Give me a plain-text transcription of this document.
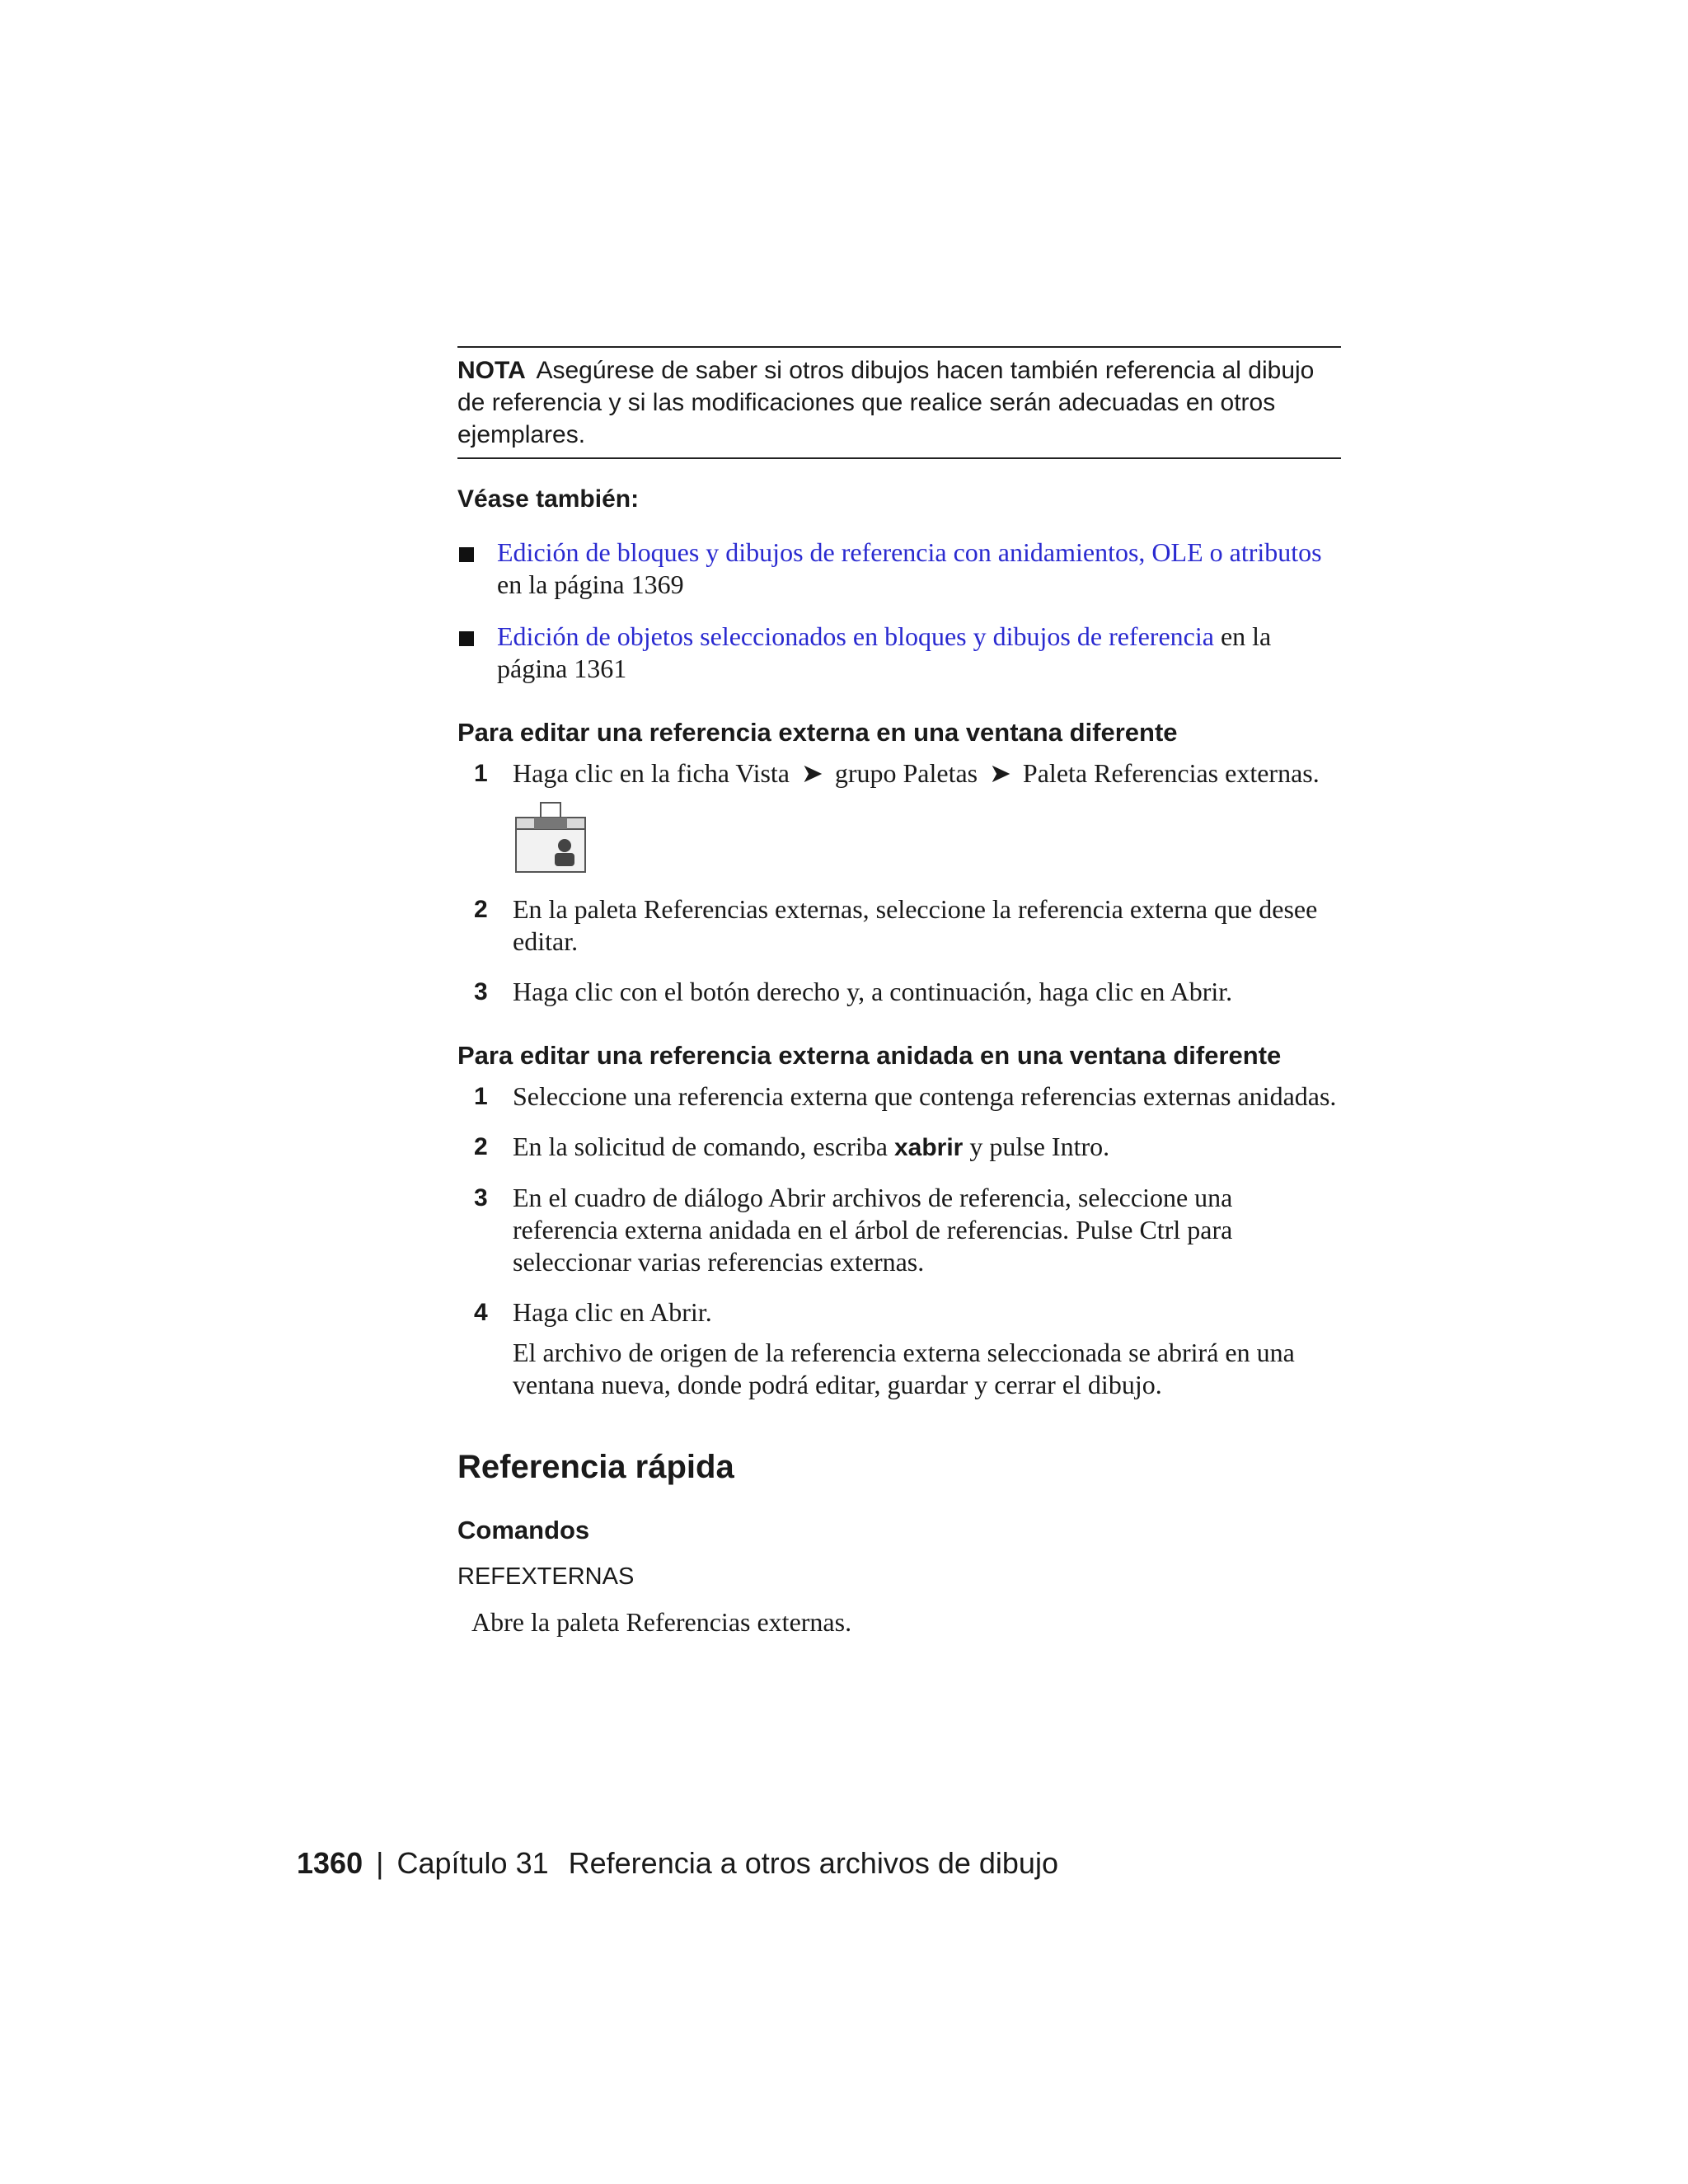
NOTA Asegúrese de saber si otros dibujos hacen también referencia al dibujo de referencia y si las modificaciones que realice serán adecuadas en otros ejemplares.
Véase también:
Edición de bloques y dibujos de referencia con anidamientos, OLE o atributos en la página 1369
Edición de objetos seleccionados en bloques y dibujos de referencia en la página 1361
Para editar una referencia externa en una ventana diferente
1 Haga clic en la ficha Vista ➤ grupo Paletas ➤ Paleta Referencias externas.
2 En la paleta Referencias externas, seleccione la referencia externa que desee editar.
3 Haga clic con el botón derecho y, a continuación, haga clic en Abrir.
Para editar una referencia externa anidada en una ventana diferente
1 Seleccione una referencia externa que contenga referencias externas anidadas.
2 En la solicitud de comando, escriba xabrir y pulse Intro.
3 En el cuadro de diálogo Abrir archivos de referencia, seleccione una referencia externa anidada en el árbol de referencias. Pulse Ctrl para seleccionar varias referencias externas.
4 Haga clic en Abrir.
El archivo de origen de la referencia externa seleccionada se abrirá en una ventana nueva, donde podrá editar, guardar y cerrar el dibujo.
Referencia rápida
Comandos
REFEXTERNAS
Abre la paleta Referencias externas.
1360 | Capítulo 31 Referencia a otros archivos de dibujo
